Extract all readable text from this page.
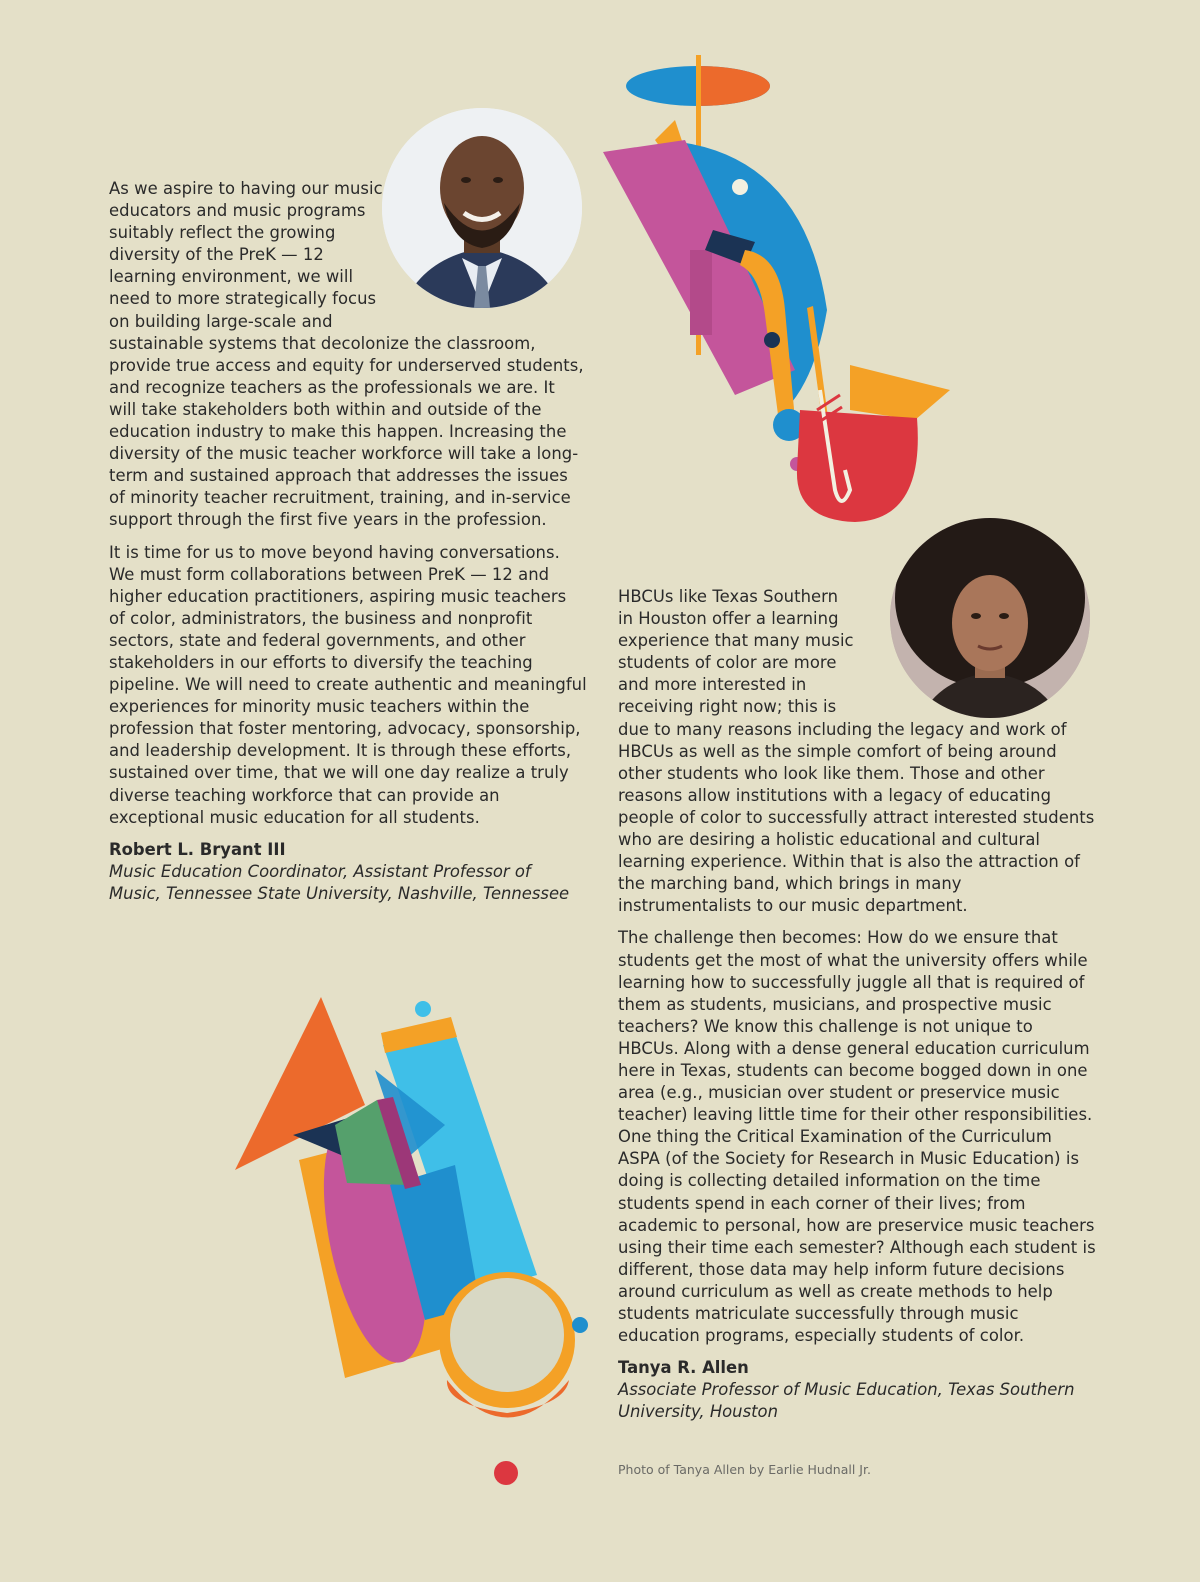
As we aspire to having our music educators and music programs suitably reflect the growing diversity of the PreK — 12 learning environment, we will need to more strategically focus on building large-scale and sustainable systems that decolonize the classroom, provide true access and equity for underserved students, and recognize teachers as the professionals we are. It will take stakeholders both within and outside of the education industry to make this happen. Increasing the diversity of the music teacher workforce will take a long-term and sustained approach that addresses the issues of minority teacher recruitment, training, and in-service support through the first five years in the profession.

It is time for us to move beyond having conversations. We must form collaborations between PreK — 12 and higher education practitioners, aspiring music teachers of color, administrators, the business and nonprofit sectors, state and federal governments, and other stakeholders in our efforts to diversify the teaching pipeline. We will need to create authentic and meaningful experiences for minority music teachers within the profession that foster mentoring, advocacy, sponsorship, and leadership development. It is through these efforts, sustained over time, that we will one day realize a truly diverse teaching workforce that can provide an exceptional music education for all students.

Robert L. Bryant III

Music Education Coordinator, Assistant Professor of Music, Tennessee State University, Nashville, Tennessee

HBCUs like Texas Southern in Houston offer a learning experience that many music students of color are more and more interested in receiving right now; this is due to many reasons including the legacy and work of HBCUs as well as the simple comfort of being around other students who look like them. Those and other reasons allow institutions with a legacy of educating people of color to successfully attract interested students who are desiring a holistic educational and cultural learning experience. Within that is also the attraction of the marching band, which brings in many instrumentalists to our music department.

The challenge then becomes: How do we ensure that students get the most of what the university offers while learning how to successfully juggle all that is required of them as students, musicians, and prospective music teachers? We know this challenge is not unique to HBCUs. Along with a dense general education curriculum here in Texas, students can become bogged down in one area (e.g., musician over student or preservice music teacher) leaving little time for their other responsibilities. One thing the Critical Examination of the Curriculum ASPA (of the Society for Research in Music Education) is doing is collecting detailed information on the time students spend in each corner of their lives; from academic to personal, how are preservice music teachers using their time each semester? Although each student is different, those data may help inform future decisions around curriculum as well as create methods to help students matriculate successfully through music education programs, especially students of color.

Tanya R. Allen

Associate Professor of Music Education, Texas Southern University, Houston

Photo of Tanya Allen by Earlie Hudnall Jr.
